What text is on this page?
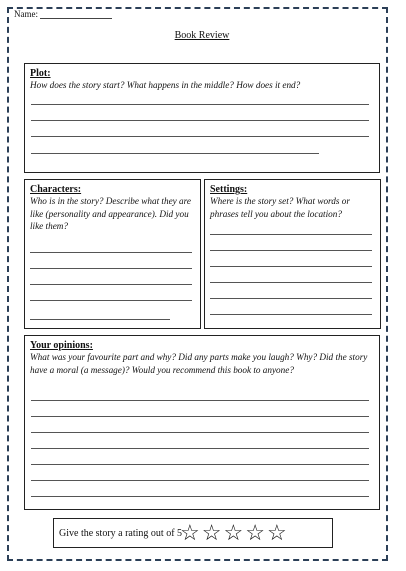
Name:
Book Review
Plot:
How does the story start? What happens in the middle? How does it end?
Characters:
Who is in the story? Describe what they are like (personality and appearance). Did you like them?
Settings:
Where is the story set? What words or phrases tell you about the location?
Your opinions:
What was your favourite part and why? Did any parts make you laugh? Why? Did the story have a moral (a message)? Would you recommend this book to anyone?
Give the story a rating out of 5
☆ ☆ ☆ ☆ ☆
